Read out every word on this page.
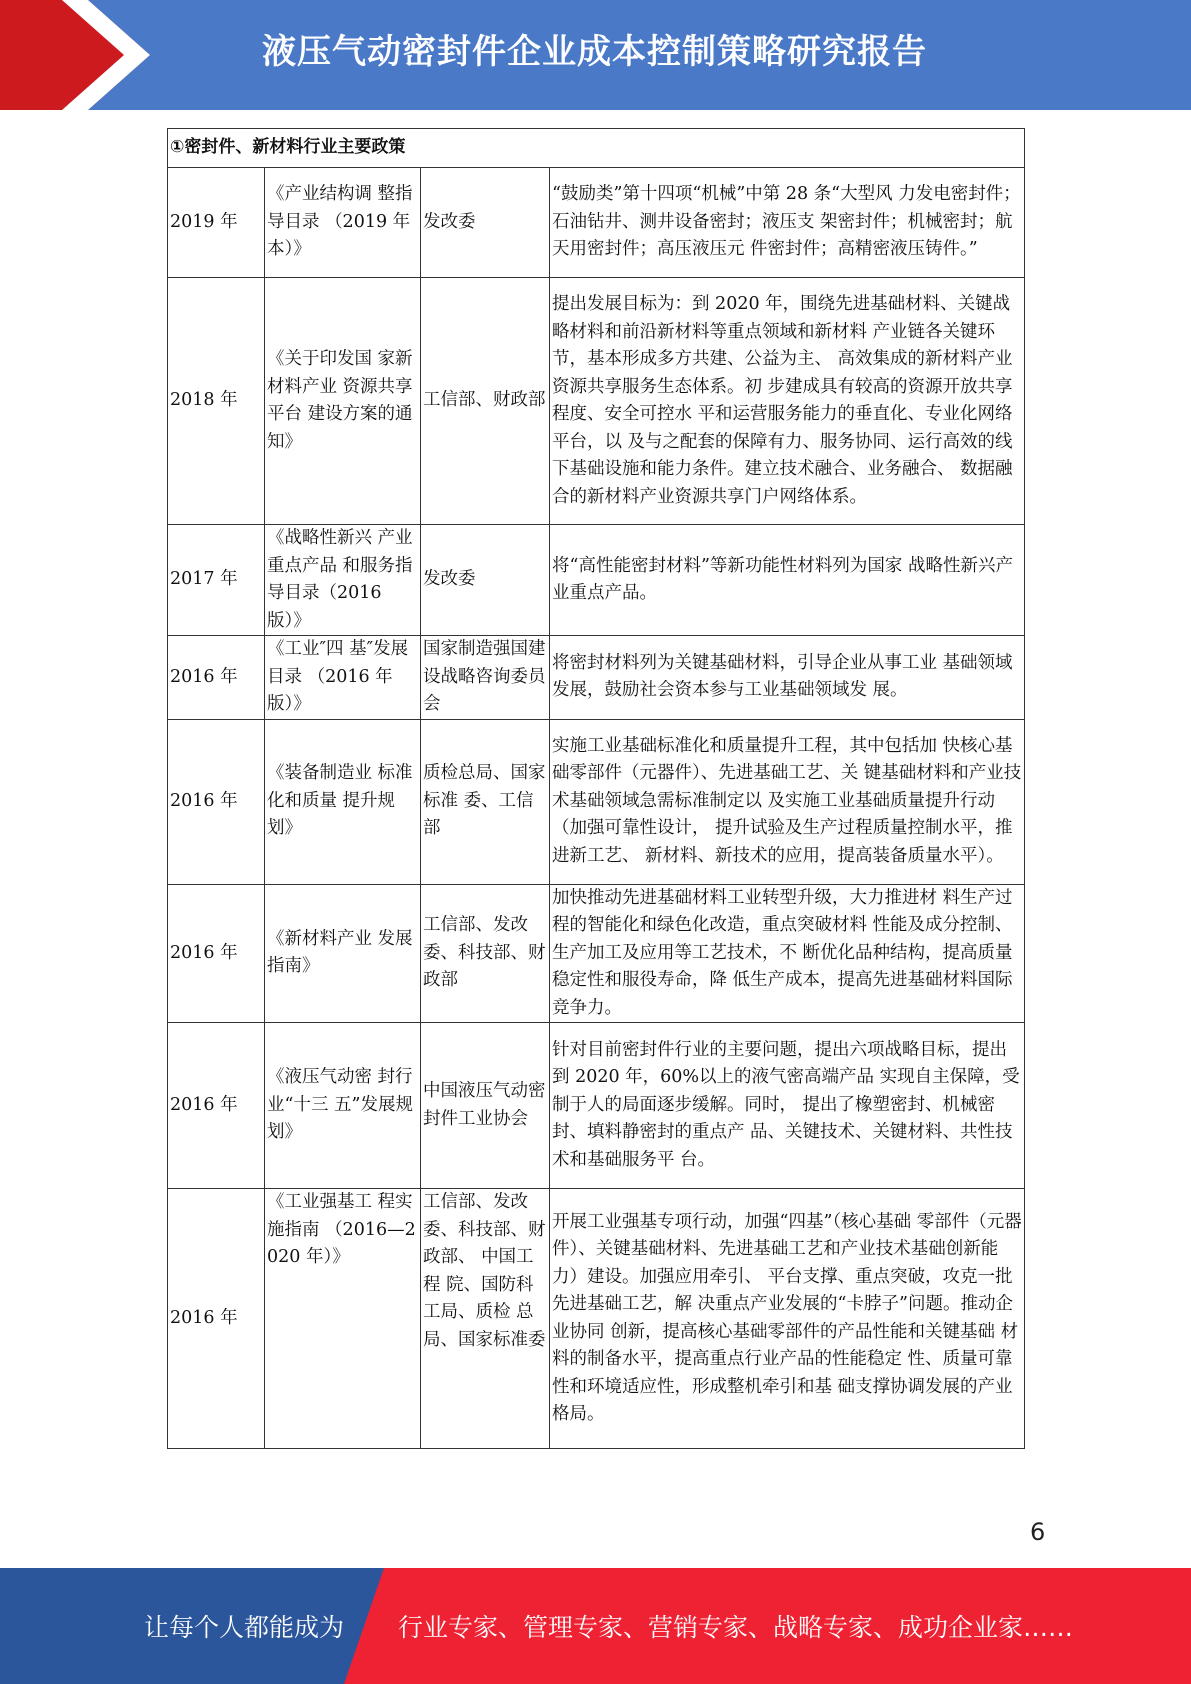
液压气动密封件企业成本控制策略研究报告
①密封件、新材料行业主要政策			
2019 年	《产业结构调 整指导目录 （2019 年本）》	发改委	“鼓励类”第十四项“机械”中第 28 条“大型风 力发电密封件；石油钻井、测井设备密封；液压支 架密封件；机械密封；航天用密封件；高压液压元 件密封件；高精密液压铸件。”
2018 年	《关于印发国 家新材料产业 资源共享平台 建设方案的通 知》	工信部、财政部	提出发展目标为：到 2020 年，围绕先进基础材料、关键战略材料和前沿新材料等重点领域和新材料 产业链各关键环节，基本形成多方共建、公益为主、 高效集成的新材料产业资源共享服务生态体系。初 步建成具有较高的资源开放共享程度、安全可控水 平和运营服务能力的垂直化、专业化网络平台，以 及与之配套的保障有力、服务协同、运行高效的线 下基础设施和能力条件。建立技术融合、业务融合、 数据融合的新材料产业资源共享门户网络体系。
2017 年	《战略性新兴 产业重点产品 和服务指导目录（2016 版）》	发改委	将“高性能密封材料”等新功能性材料列为国家 战略性新兴产业重点产品。
2016 年	《工业″四 基″发展目录 （2016 年版）》	国家制造强国建设战略咨询委员会	将密封材料列为关键基础材料，引导企业从事工业 基础领域发展，鼓励社会资本参与工业基础领域发 展。
2016 年	《装备制造业 标准化和质量 提升规划》	质检总局、国家标准 委、工信部	实施工业基础标准化和质量提升工程，其中包括加 快核心基础零部件（元器件）、先进基础工艺、关 键基础材料和产业技术基础领域急需标准制定以 及实施工业基础质量提升行动（加强可靠性设计， 提升试验及生产过程质量控制水平，推进新工艺、 新材料、新技术的应用，提高装备质量水平）。
2016 年	《新材料产业 发展指南》	工信部、发改委、科技部、财政部	加快推动先进基础材料工业转型升级，大力推进材 料生产过程的智能化和绿色化改造，重点突破材料 性能及成分控制、生产加工及应用等工艺技术，不 断优化品种结构，提高质量稳定性和服役寿命，降 低生产成本，提高先进基础材料国际竞争力。
2016 年	《液压气动密 封行业“十三 五”发展规 划》	中国液压气动密封件工业协会	针对目前密封件行业的主要问题，提出六项战略目标，提出到 2020 年，60%以上的液气密高端产品 实现自主保障，受制于人的局面逐步缓解。同时， 提出了橡塑密封、机械密封、填料静密封的重点产 品、关键技术、关键材料、共性技术和基础服务平 台。
2016 年	《工业强基工 程实施指南 （2016—2020 年）》	工信部、发改委、科技部、财政部、 中国工程 院、国防科 工局、质检 总局、国家标准委	开展工业强基专项行动，加强“四基”（核心基础 零部件（元器件）、关键基础材料、先进基础工艺和产业技术基础创新能力）建设。加强应用牵引、 平台支撑、重点突破，攻克一批先进基础工艺，解 决重点产业发展的“卡脖子”问题。推动企业协同 创新，提高核心基础零部件的产品性能和关键基础 材料的制备水平，提高重点行业产品的性能稳定 性、质量可靠性和环境适应性，形成整机牵引和基 础支撑协调发展的产业格局。
6
让每个人都能成为 行业专家、管理专家、营销专家、战略专家、成功企业家……
